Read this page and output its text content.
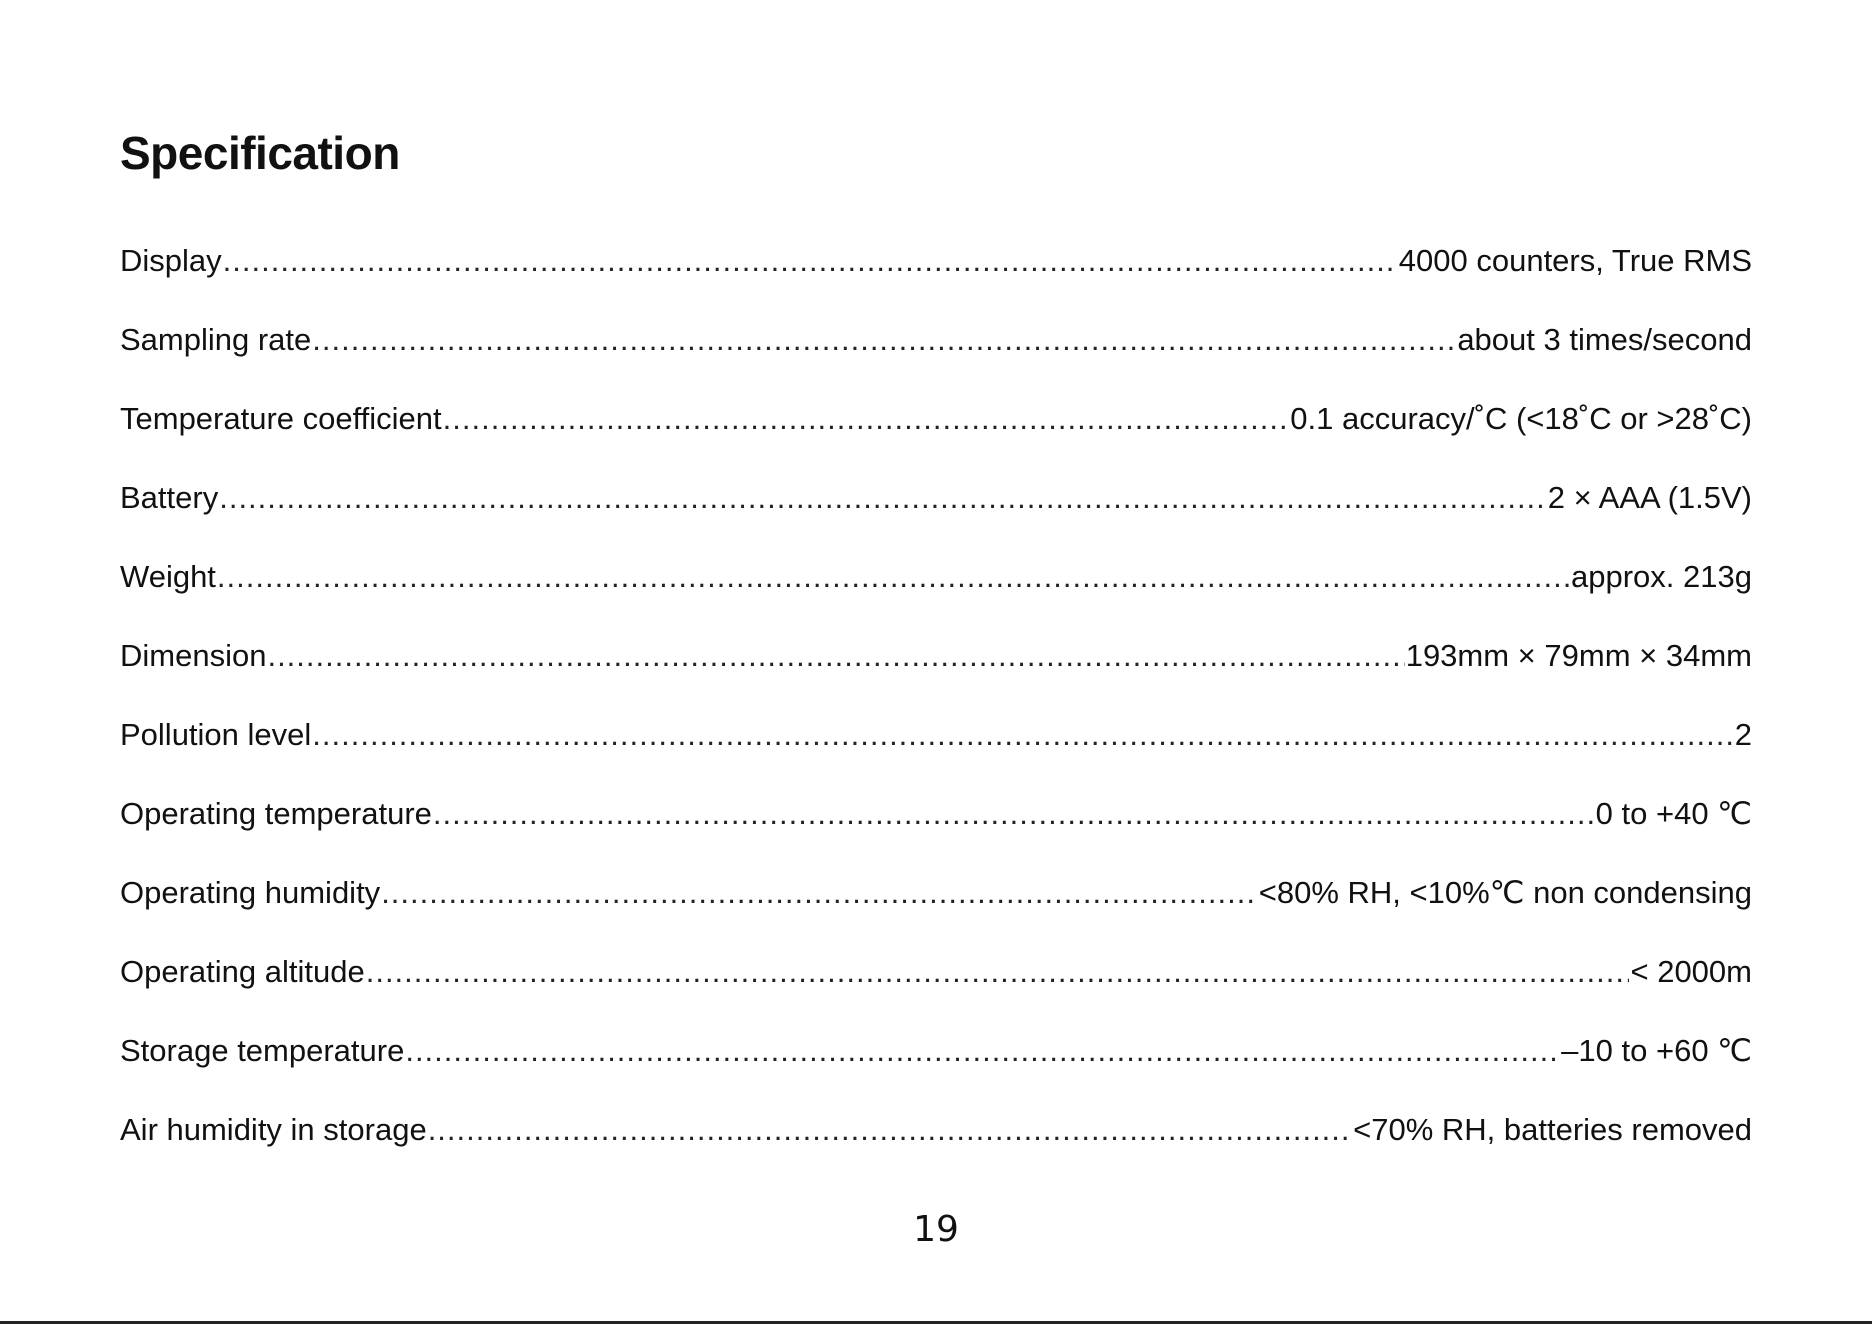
Specification
Display .....	4000 counters, True RMS
Sampling rate .....	about 3 times/second
Temperature coefficient .....	0.1 accuracy/˚C (<18˚C or >28˚C)
Battery .....	2 × AAA (1.5V)
Weight .....	approx. 213g
Dimension .....	193mm × 79mm × 34mm
Pollution level .....	2
Operating temperature .....	0 to +40 ℃
Operating humidity .....	<80% RH, <10%℃ non condensing
Operating altitude .....	< 2000m
Storage temperature .....	–10 to +60 ℃
Air humidity in storage .....	<70% RH, batteries removed
19
